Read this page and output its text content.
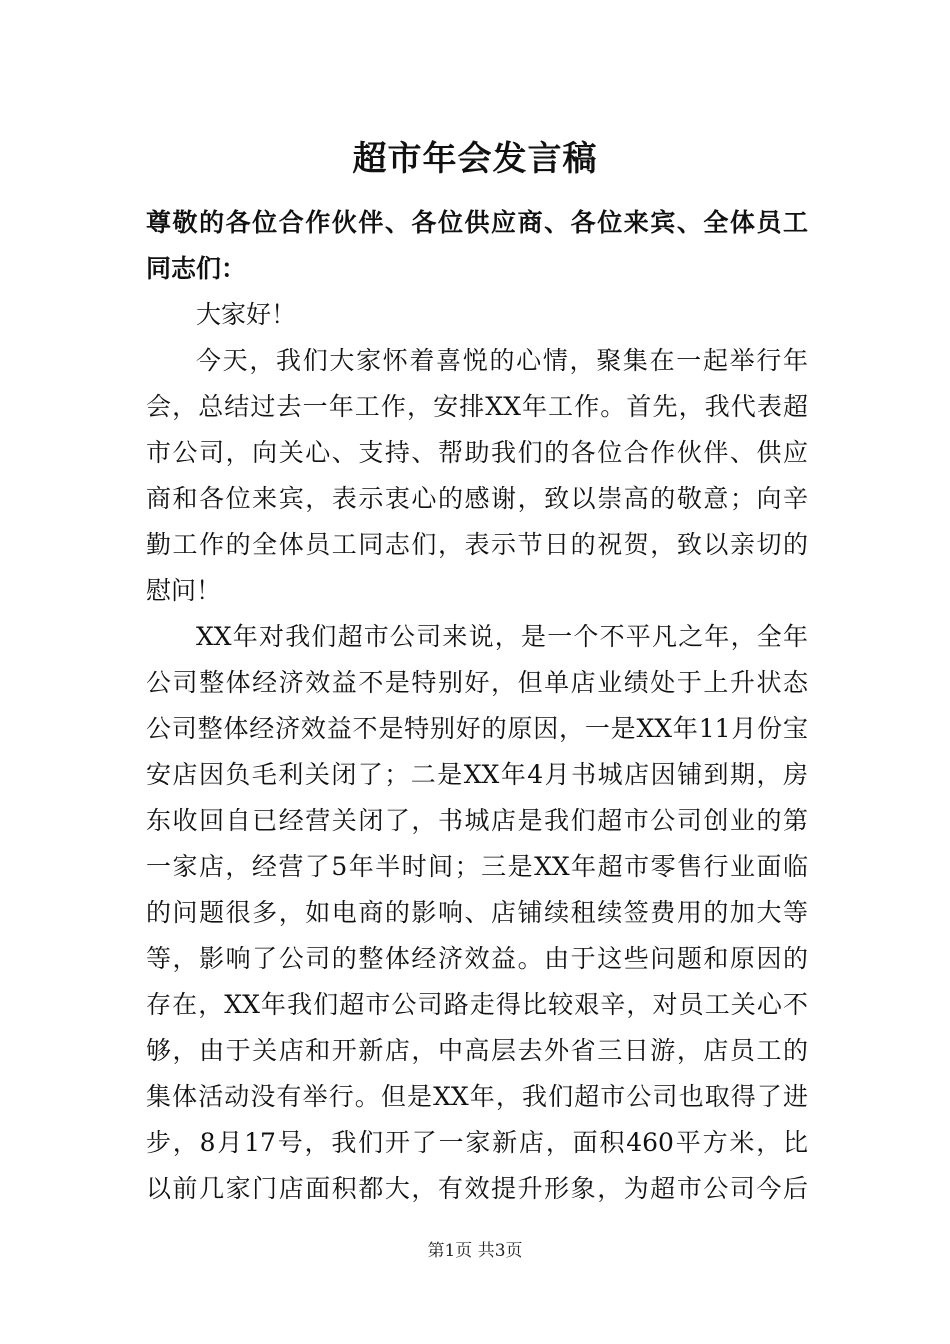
超市年会发言稿
尊敬的各位合作伙伴、各位供应商、各位来宾、全体员工
同志们：
大家好！
今天，我们大家怀着喜悦的心情，聚集在一起举行年
会，总结过去一年工作，安排XX年工作。首先，我代表超
市公司，向关心、支持、帮助我们的各位合作伙伴、供应
商和各位来宾，表示衷心的感谢，致以崇高的敬意；向辛
勤工作的全体员工同志们，表示节日的祝贺，致以亲切的
慰问！
XX年对我们超市公司来说，是一个不平凡之年，全年
公司整体经济效益不是特别好，但单店业绩处于上升状态
公司整体经济效益不是特别好的原因，一是XX年11月份宝
安店因负毛利关闭了；二是XX年4月书城店因铺到期，房
东收回自已经营关闭了，书城店是我们超市公司创业的第
一家店，经营了5年半时间；三是XX年超市零售行业面临
的问题很多，如电商的影响、店铺续租续签费用的加大等
等，影响了公司的整体经济效益。由于这些问题和原因的
存在，XX年我们超市公司路走得比较艰辛，对员工关心不
够，由于关店和开新店，中高层去外省三日游，店员工的
集体活动没有举行。但是XX年，我们超市公司也取得了进
步，8月17号，我们开了一家新店，面积460平方米，比
以前几家门店面积都大，有效提升形象，为超市公司今后
第1页 共3页
